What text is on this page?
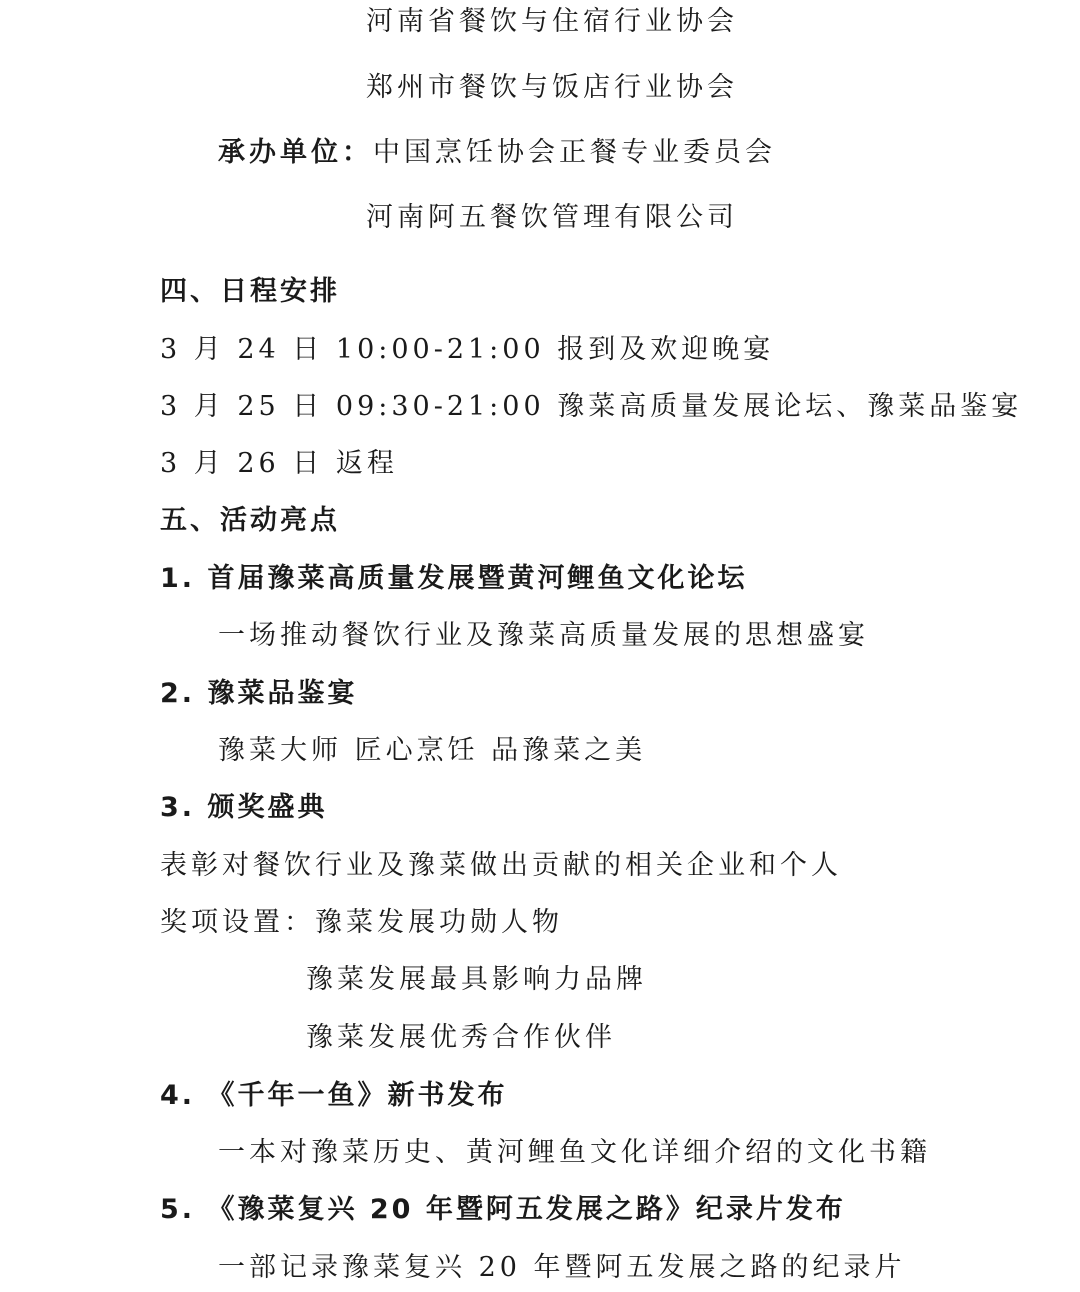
河南省餐饮与住宿行业协会
郑州市餐饮与饭店行业协会
承办单位：中国烹饪协会正餐专业委员会
河南阿五餐饮管理有限公司
四、日程安排
3 月 24 日 10:00-21:00 报到及欢迎晚宴
3 月 25 日 09:30-21:00 豫菜高质量发展论坛、豫菜品鉴宴
3 月 26 日 返程
五、活动亮点
1. 首届豫菜高质量发展暨黄河鲤鱼文化论坛
一场推动餐饮行业及豫菜高质量发展的思想盛宴
2. 豫菜品鉴宴
豫菜大师 匠心烹饪 品豫菜之美
3. 颁奖盛典
表彰对餐饮行业及豫菜做出贡献的相关企业和个人
奖项设置：豫菜发展功勋人物
豫菜发展最具影响力品牌
豫菜发展优秀合作伙伴
4. 《千年一鱼》新书发布
一本对豫菜历史、黄河鲤鱼文化详细介绍的文化书籍
5. 《豫菜复兴 20 年暨阿五发展之路》纪录片发布
一部记录豫菜复兴 20 年暨阿五发展之路的纪录片
